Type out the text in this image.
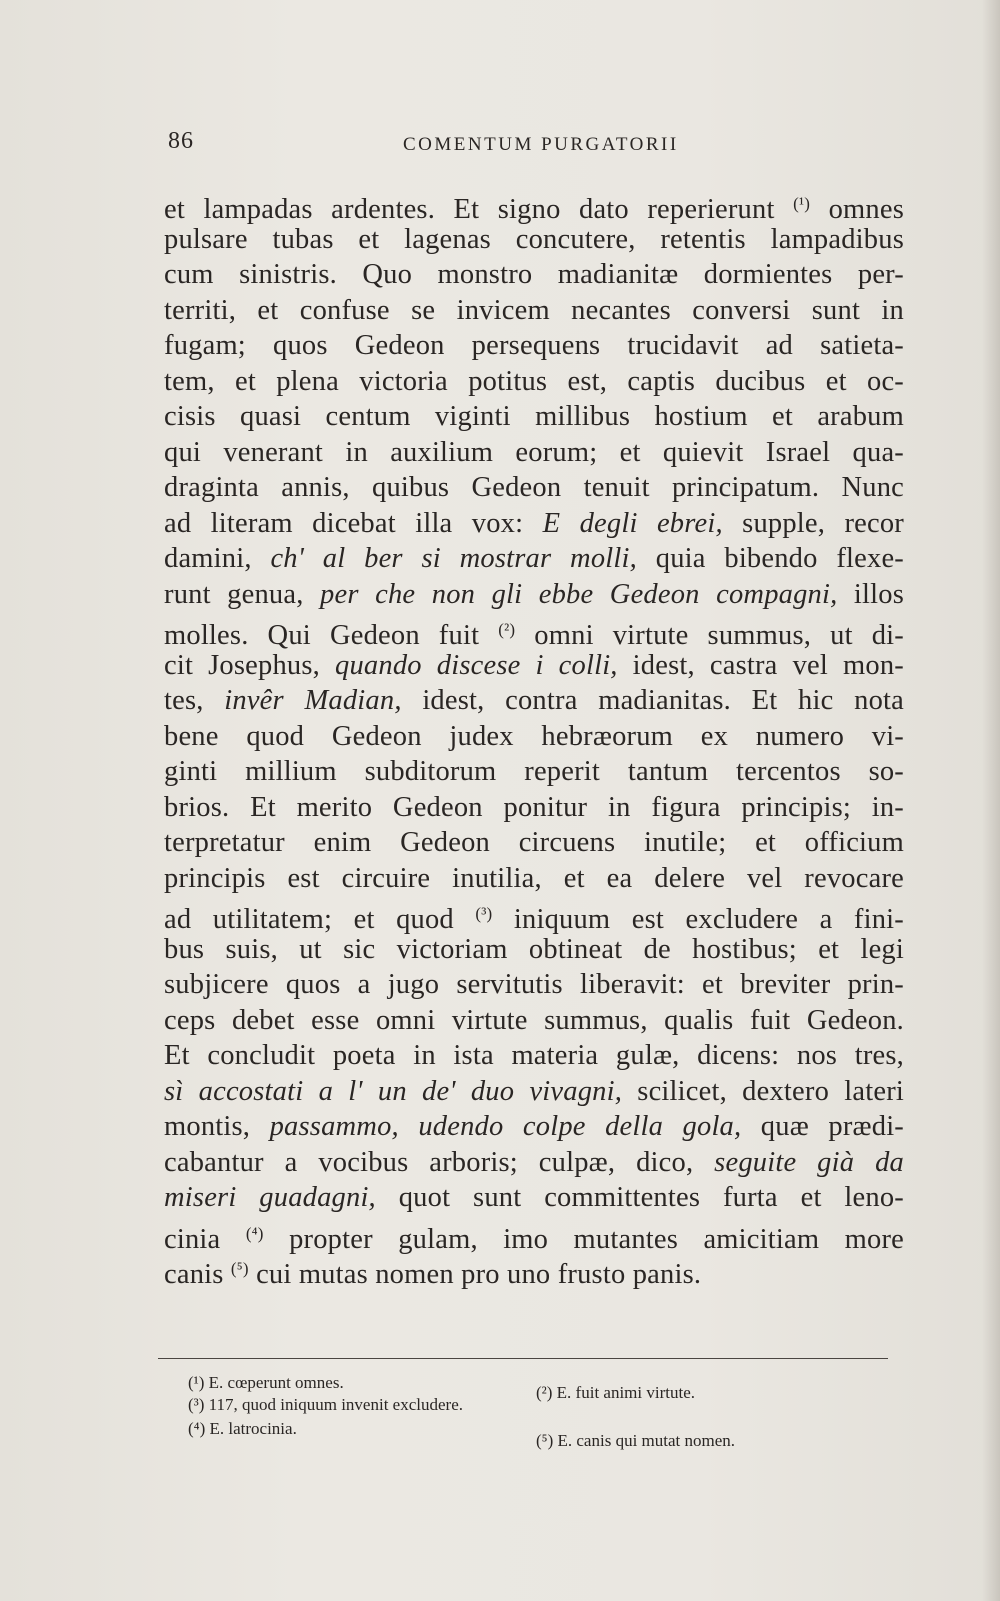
86	COMENTUM PURGATORII
et lampadas ardentes. Et signo dato reperierunt $^{(^1)}$ omnes
pulsare tubas et lagenas concutere, retentis lampadibus
cum sinistris. Quo monstro madianitæ dormientes per-
territi, et confuse se invicem necantes conversi sunt in
fugam; quos Gedeon persequens trucidavit ad satieta-
tem, et plena victoria potitus est, captis ducibus et oc-
cisis quasi centum viginti millibus hostium et arabum
qui venerant in auxilium eorum; et quievit Israel qua-
draginta annis, quibus Gedeon tenuit principatum. Nunc
ad literam dicebat illa vox: E degli ebrei, supple, recor
damini, ch' al ber si mostrar molli, quia bibendo flexe-
runt genua, per che non gli ebbe Gedeon compagni, illos
molles. Qui Gedeon fuit $^{(^2)}$ omni virtute summus, ut di-
cit Josephus, quando discese i colli, idest, castra vel mon-
tes, invêr Madian, idest, contra madianitas. Et hic nota
bene quod Gedeon judex hebræorum ex numero vi-
ginti millium subditorum reperit tantum tercentos so-
brios. Et merito Gedeon ponitur in figura principis; in-
terpretatur enim Gedeon circuens inutile; et officium
principis est circuire inutilia, et ea delere vel revocare
ad utilitatem; et quod $^{(^3)}$ iniquum est excludere a fini-
bus suis, ut sic victoriam obtineat de hostibus; et legi
subjicere quos a jugo servitutis liberavit: et breviter prin-
ceps debet esse omni virtute summus, qualis fuit Gedeon.
Et concludit poeta in ista materia gulæ, dicens: nos tres,
sì accostati a l' un de' duo vivagni, scilicet, dextero lateri
montis, passammo, udendo colpe della gola, quæ prædi-
cabantur a vocibus arboris; culpæ, dico, seguite già da
miseri guadagni, quot sunt committentes furta et leno-
cinia $^{(^4)}$ propter gulam, imo mutantes amicitiam more
canis $^{(^5)}$ cui mutas nomen pro uno frusto panis.
(¹) E. cœperunt omnes.
(²) E. fuit animi virtute.
(³) 117, quod iniquum invenit excludere.
(⁴) E. latrocinia.
(⁵) E. canis qui mutat nomen.
